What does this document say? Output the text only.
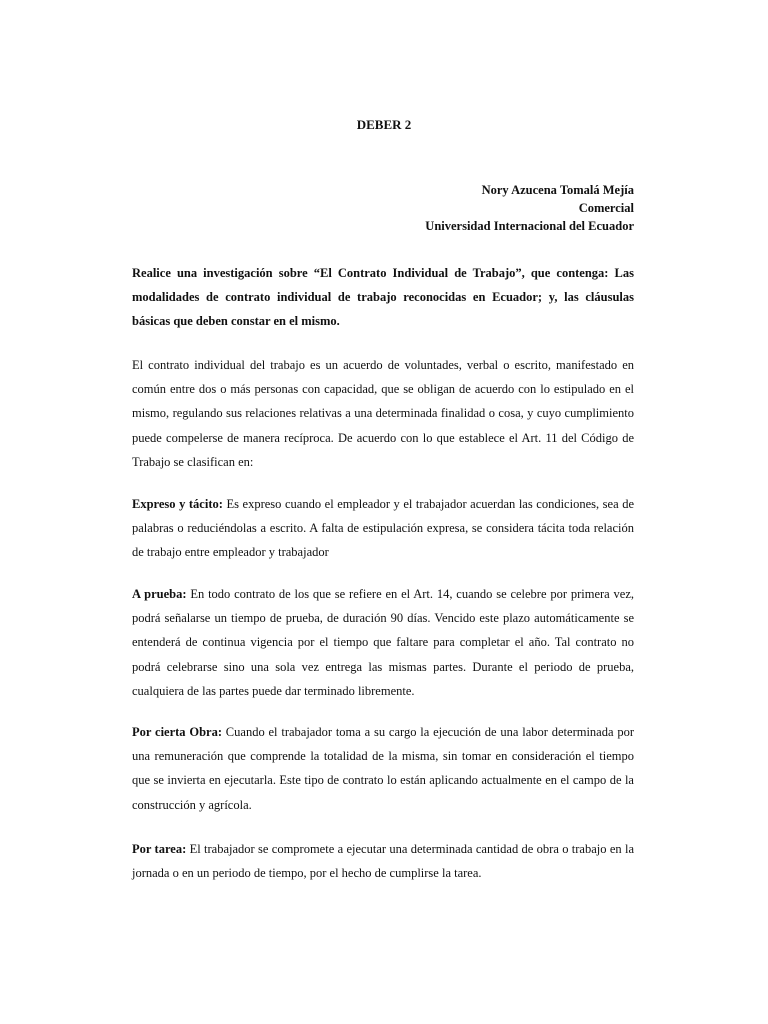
DEBER 2
Nory Azucena Tomalá Mejía
Comercial
Universidad Internacional del Ecuador

Realice una investigación sobre “El Contrato Individual de Trabajo”, que contenga: Las modalidades de contrato individual de trabajo reconocidas en Ecuador; y, las cláusulas básicas que deben constar en el mismo.

El contrato individual del trabajo es un acuerdo de voluntades, verbal o escrito, manifestado en común entre dos o más personas con capacidad, que se obligan de acuerdo con lo estipulado en el mismo, regulando sus relaciones relativas a una determinada finalidad o cosa, y cuyo cumplimiento puede compelerse de manera recíproca. De acuerdo con lo que establece el Art. 11 del Código de Trabajo se clasifican en:

Expreso y tácito: Es expreso cuando el empleador y el trabajador acuerdan las condiciones, sea de palabras o reduciéndolas a escrito. A falta de estipulación expresa, se considera tácita toda relación de trabajo entre empleador y trabajador

A prueba: En todo contrato de los que se refiere en el Art. 14, cuando se celebre por primera vez, podrá señalarse un tiempo de prueba, de duración 90 días. Vencido este plazo automáticamente se entenderá de continua vigencia por el tiempo que faltare para completar el año. Tal contrato no podrá celebrarse sino una sola vez entrega las mismas partes. Durante el periodo de prueba, cualquiera de las partes puede dar terminado libremente.

Por cierta Obra: Cuando el trabajador toma a su cargo la ejecución de una labor determinada por una remuneración que comprende la totalidad de la misma, sin tomar en consideración el tiempo que se invierta en ejecutarla. Este tipo de contrato lo están aplicando actualmente en el campo de la construcción y agrícola.

Por tarea: El trabajador se compromete a ejecutar una determinada cantidad de obra o trabajo en la jornada o en un periodo de tiempo, por el hecho de cumplirse la tarea.
